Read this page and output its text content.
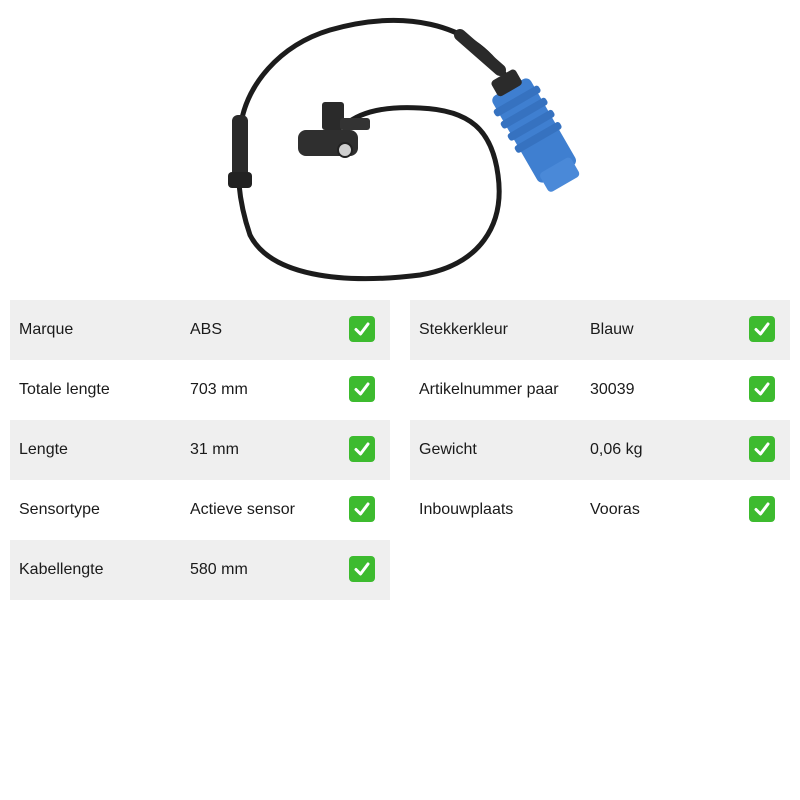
Marque	ABS
Totale lengte	703 mm
Lengte	31 mm
Sensortype	Actieve sensor
Kabellengte	580 mm
Stekkerkleur	Blauw
Artikelnummer paar 30039
Gewicht	0,06 kg
Inbouwplaats	Vooras
